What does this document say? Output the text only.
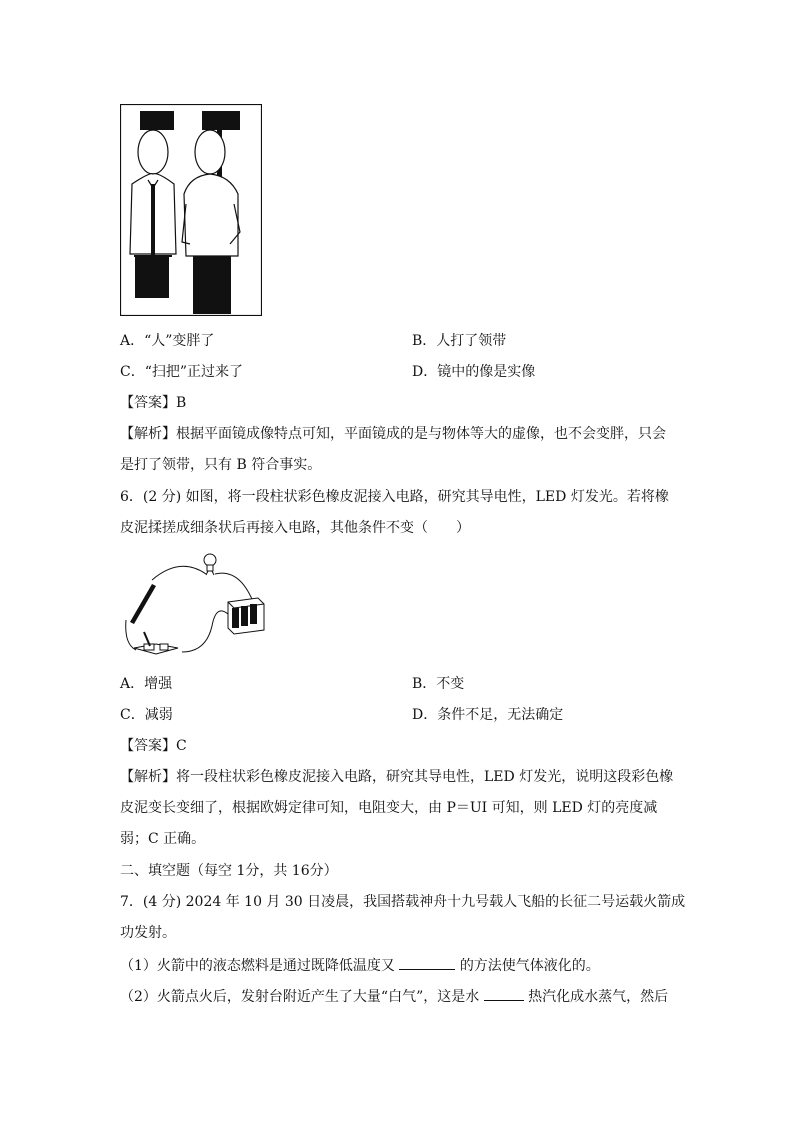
A．“人”变胖了	B．人打了领带
C．“扫把”正过来了	D．镜中的像是实像
【答案】B
【解析】根据平面镜成像特点可知，平面镜成的是与物体等大的虚像，也不会变胖，只会
是打了领带，只有 B 符合事实。
6．(2 分) 如图，将一段柱状彩色橡皮泥接入电路，研究其导电性，LED 灯发光。若将橡
皮泥揉搓成细条状后再接入电路，其他条件不变（　　）
A．增强	B．不变
C．减弱	D．条件不足，无法确定
【答案】C
【解析】将一段柱状彩色橡皮泥接入电路，研究其导电性，LED 灯发光，说明这段彩色橡
皮泥变长变细了，根据欧姆定律可知，电阻变大，由 P＝UI 可知，则 LED 灯的亮度减
弱；C 正确。
二、填空题（每空 1分，共 16分）
7．(4 分) 2024 年 10 月 30 日凌晨，我国搭载神舟十九号载人飞船的长征二号运载火箭成
功发射。
（1）火箭中的液态燃料是通过既降低温度又	的方法使气体液化的。
（2）火箭点火后，发射台附近产生了大量“白气”，这是水	热汽化成水蒸气，然后
